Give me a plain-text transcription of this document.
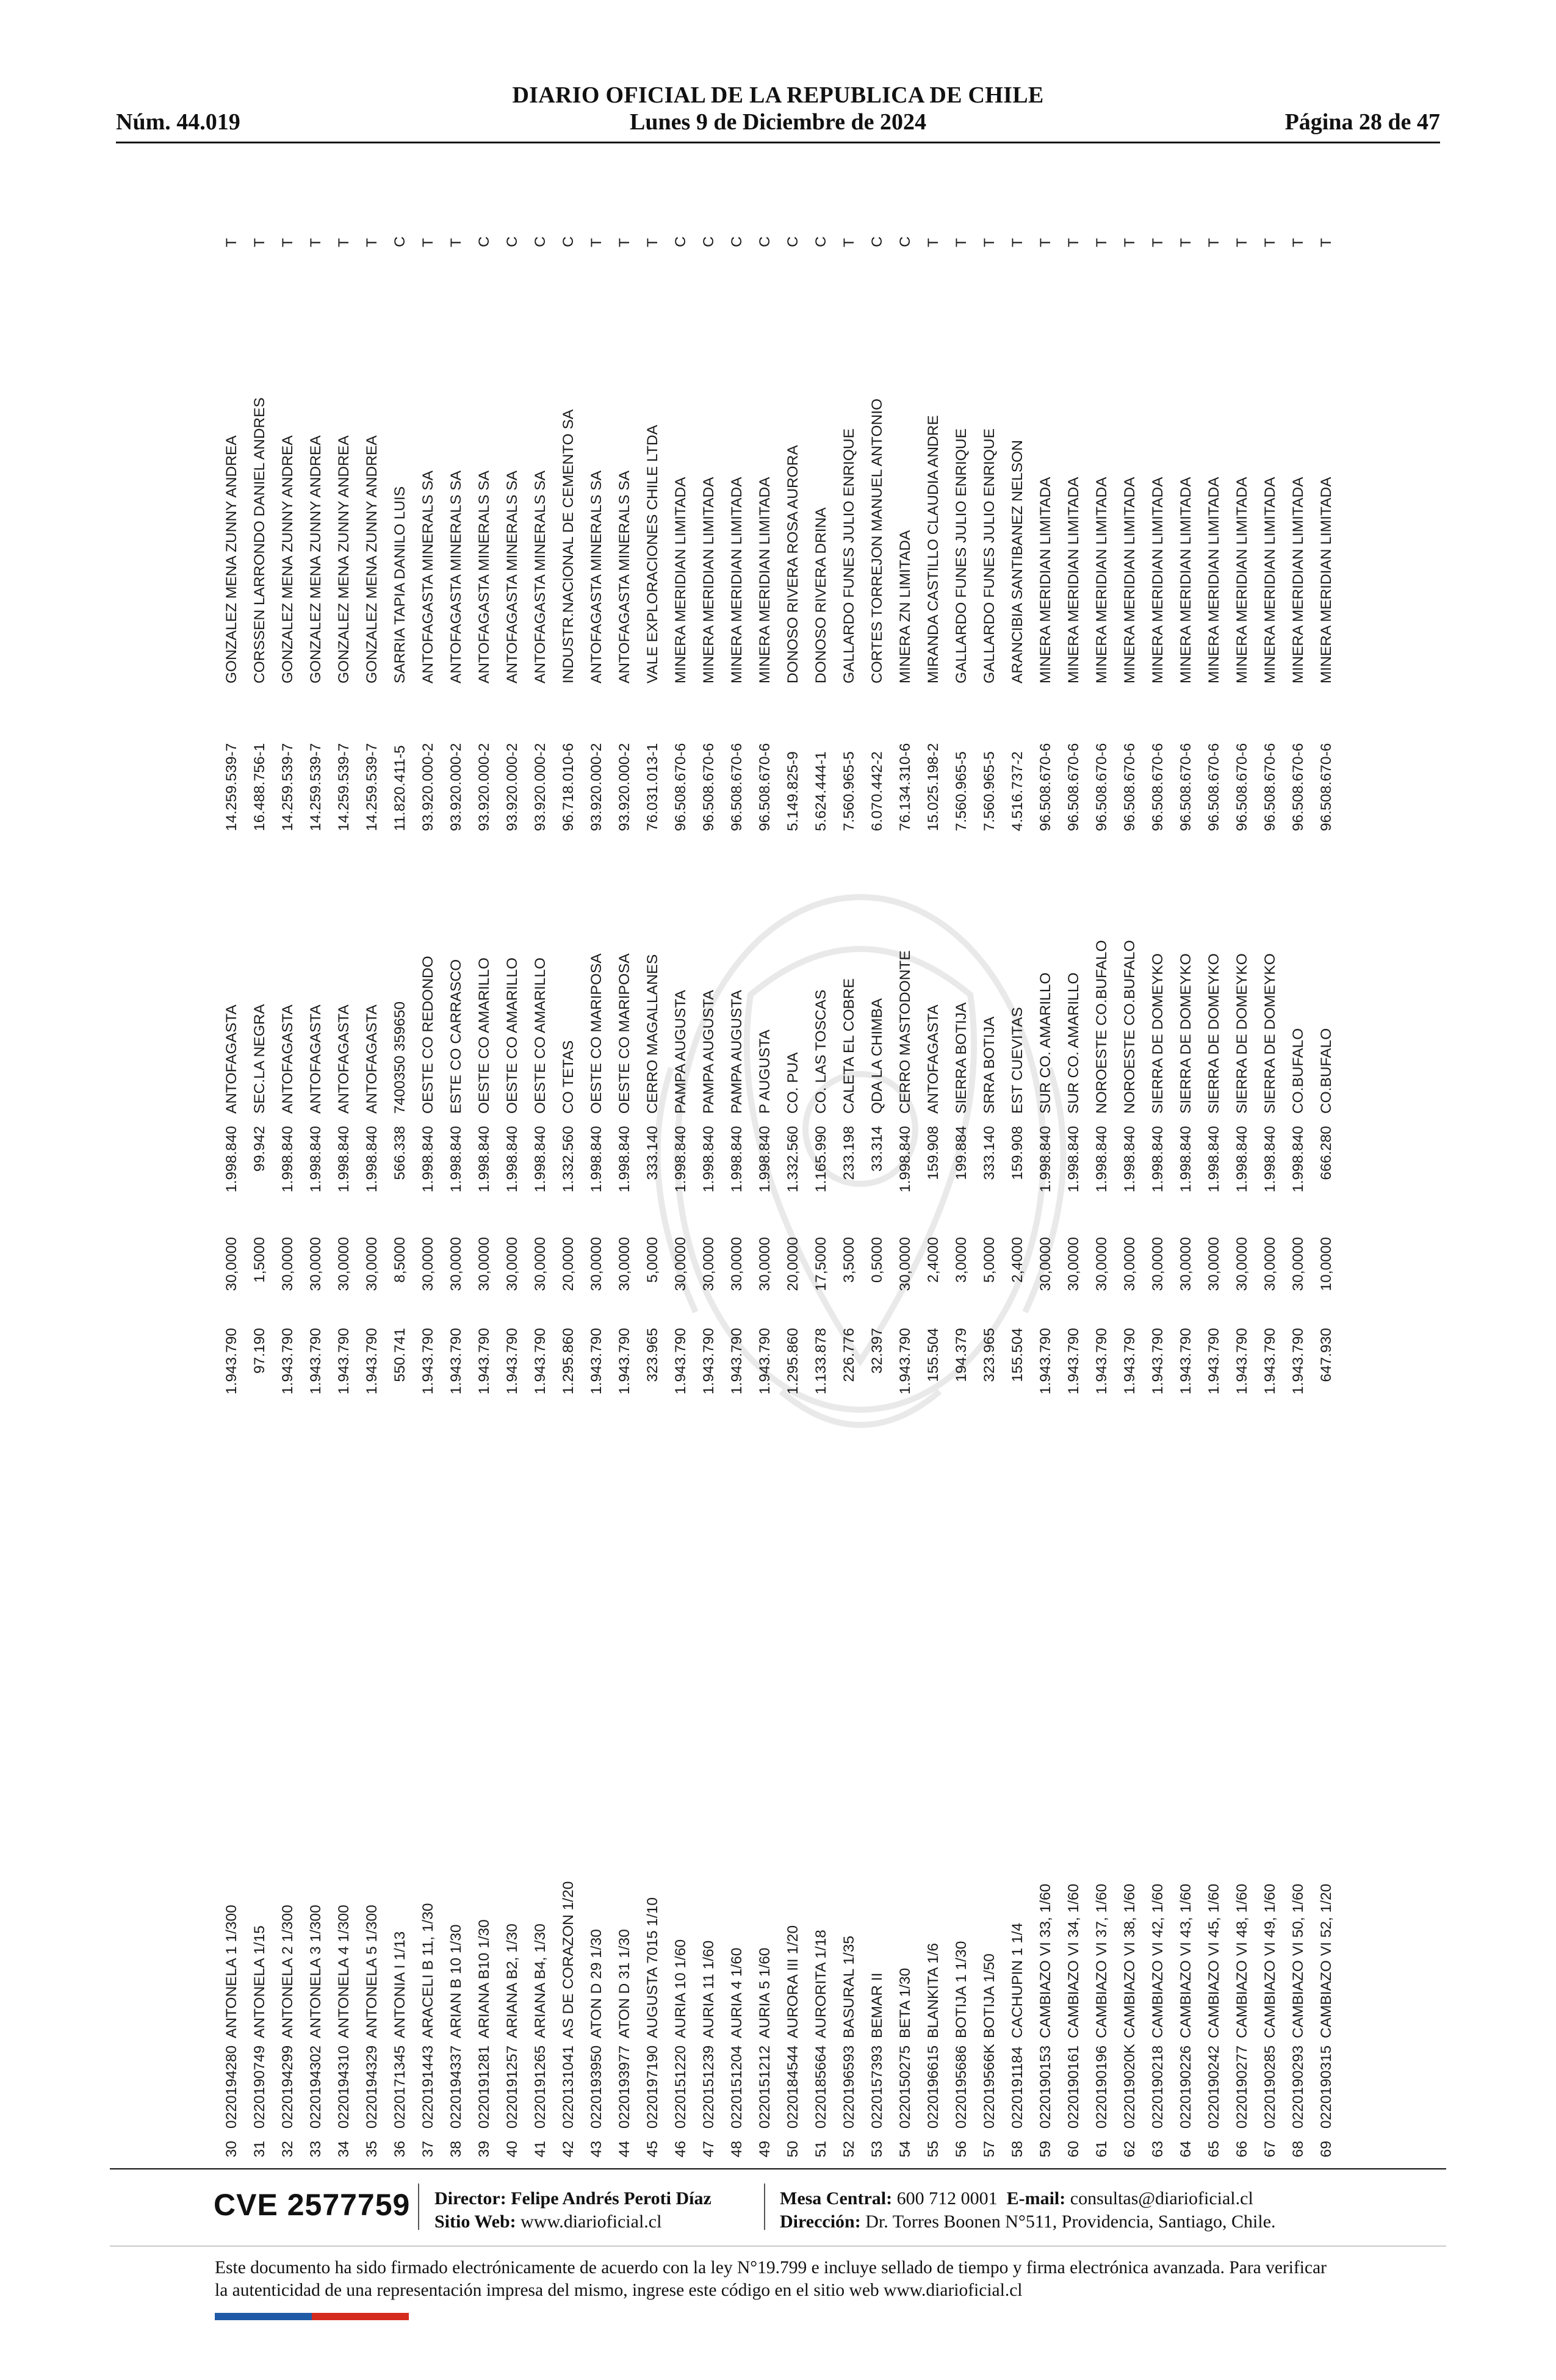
DIARIO OFICIAL DE LA REPUBLICA DE CHILE
Núm. 44.019	Lunes 9 de Diciembre de 2024	Página 28 de 47
30
0220194280
ANTONELA 1 1/300
1.943.790
30,0000
1.998.840
ANTOFAGASTA
14.259.539-7
GONZALEZ MENA ZUNNY ANDREA
T
31
0220190749
ANTONELA 1/15
97.190
1,5000
99.942
SEC.LA NEGRA
16.488.756-1
CORSSEN LARRONDO DANIEL ANDRES
T
32
0220194299
ANTONELA 2 1/300
1.943.790
30,0000
1.998.840
ANTOFAGASTA
14.259.539-7
GONZALEZ MENA ZUNNY ANDREA
T
33
0220194302
ANTONELA 3 1/300
1.943.790
30,0000
1.998.840
ANTOFAGASTA
14.259.539-7
GONZALEZ MENA ZUNNY ANDREA
T
34
0220194310
ANTONELA 4 1/300
1.943.790
30,0000
1.998.840
ANTOFAGASTA
14.259.539-7
GONZALEZ MENA ZUNNY ANDREA
T
35
0220194329
ANTONELA 5 1/300
1.943.790
30,0000
1.998.840
ANTOFAGASTA
14.259.539-7
GONZALEZ MENA ZUNNY ANDREA
T
36
0220171345
ANTONIA I 1/13
550.741
8,5000
566.338
7400350 359650
11.820.411-5
SARRIA TAPIA DANILO LUIS
C
37
0220191443
ARACELI B 11, 1/30
1.943.790
30,0000
1.998.840
OESTE CO REDONDO
93.920.000-2
ANTOFAGASTA MINERALS SA
T
38
0220194337
ARIAN B 10 1/30
1.943.790
30,0000
1.998.840
ESTE CO CARRASCO
93.920.000-2
ANTOFAGASTA MINERALS SA
T
39
0220191281
ARIANA B10 1/30
1.943.790
30,0000
1.998.840
OESTE CO AMARILLO
93.920.000-2
ANTOFAGASTA MINERALS SA
C
40
0220191257
ARIANA B2, 1/30
1.943.790
30,0000
1.998.840
OESTE CO AMARILLO
93.920.000-2
ANTOFAGASTA MINERALS SA
C
41
0220191265
ARIANA B4, 1/30
1.943.790
30,0000
1.998.840
OESTE CO AMARILLO
93.920.000-2
ANTOFAGASTA MINERALS SA
C
42
0220131041
AS DE CORAZON 1/20
1.295.860
20,0000
1.332.560
CO TETAS
96.718.010-6
INDUSTR.NACIONAL DE CEMENTO SA
C
43
0220193950
ATON D 29 1/30
1.943.790
30,0000
1.998.840
OESTE CO MARIPOSA
93.920.000-2
ANTOFAGASTA MINERALS SA
T
44
0220193977
ATON D 31 1/30
1.943.790
30,0000
1.998.840
OESTE CO MARIPOSA
93.920.000-2
ANTOFAGASTA MINERALS SA
T
45
0220197190
AUGUSTA 7015 1/10
323.965
5,0000
333.140
CERRO MAGALLANES
76.031.013-1
VALE EXPLORACIONES CHILE LTDA
T
46
0220151220
AURIA 10 1/60
1.943.790
30,0000
1.998.840
PAMPA AUGUSTA
96.508.670-6
MINERA MERIDIAN LIMITADA
C
47
0220151239
AURIA 11 1/60
1.943.790
30,0000
1.998.840
PAMPA AUGUSTA
96.508.670-6
MINERA MERIDIAN LIMITADA
C
48
0220151204
AURIA 4 1/60
1.943.790
30,0000
1.998.840
PAMPA AUGUSTA
96.508.670-6
MINERA MERIDIAN LIMITADA
C
49
0220151212
AURIA 5 1/60
1.943.790
30,0000
1.998.840
P AUGUSTA
96.508.670-6
MINERA MERIDIAN LIMITADA
C
50
0220184544
AURORA III 1/20
1.295.860
20,0000
1.332.560
CO. PUA
5.149.825-9
DONOSO RIVERA ROSA AURORA
C
51
0220185664
AURORITA 1/18
1.133.878
17,5000
1.165.990
CO. LAS TOSCAS
5.624.444-1
DONOSO RIVERA DRINA
C
52
0220196593
BASURAL 1/35
226.776
3,5000
233.198
CALETA EL COBRE
7.560.965-5
GALLARDO FUNES JULIO ENRIQUE
T
53
0220157393
BEMAR II
32.397
0,5000
33.314
QDA LA CHIMBA
6.070.442-2
CORTES TORREJON MANUEL ANTONIO
C
54
0220150275
BETA 1/30
1.943.790
30,0000
1.998.840
CERRO MASTODONTE
76.134.310-6
MINERA ZN LIMITADA
C
55
0220196615
BLANKITA 1/6
155.504
2,4000
159.908
ANTOFAGASTA
15.025.198-2
MIRANDA CASTILLO CLAUDIA ANDRE
T
56
0220195686
BOTIJA 1 1/30
194.379
3,0000
199.884
SIERRA BOTIJA
7.560.965-5
GALLARDO FUNES JULIO ENRIQUE
T
57
022019566K
BOTIJA 1/50
323.965
5,0000
333.140
SRRA BOTIJA
7.560.965-5
GALLARDO FUNES JULIO ENRIQUE
T
58
0220191184
CACHUPIN 1 1/4
155.504
2,4000
159.908
EST CUEVITAS
4.516.737-2
ARANCIBIA SANTIBANEZ NELSON
T
59
0220190153
CAMBIAZO VI 33, 1/60
1.943.790
30,0000
1.998.840
SUR CO. AMARILLO
96.508.670-6
MINERA MERIDIAN LIMITADA
T
60
0220190161
CAMBIAZO VI 34, 1/60
1.943.790
30,0000
1.998.840
SUR CO. AMARILLO
96.508.670-6
MINERA MERIDIAN LIMITADA
T
61
0220190196
CAMBIAZO VI 37, 1/60
1.943.790
30,0000
1.998.840
NOROESTE CO.BUFALO
96.508.670-6
MINERA MERIDIAN LIMITADA
T
62
022019020K
CAMBIAZO VI 38, 1/60
1.943.790
30,0000
1.998.840
NOROESTE CO.BUFALO
96.508.670-6
MINERA MERIDIAN LIMITADA
T
63
0220190218
CAMBIAZO VI 42, 1/60
1.943.790
30,0000
1.998.840
SIERRA DE DOMEYKO
96.508.670-6
MINERA MERIDIAN LIMITADA
T
64
0220190226
CAMBIAZO VI 43, 1/60
1.943.790
30,0000
1.998.840
SIERRA DE DOMEYKO
96.508.670-6
MINERA MERIDIAN LIMITADA
T
65
0220190242
CAMBIAZO VI 45, 1/60
1.943.790
30,0000
1.998.840
SIERRA DE DOMEYKO
96.508.670-6
MINERA MERIDIAN LIMITADA
T
66
0220190277
CAMBIAZO VI 48, 1/60
1.943.790
30,0000
1.998.840
SIERRA DE DOMEYKO
96.508.670-6
MINERA MERIDIAN LIMITADA
T
67
0220190285
CAMBIAZO VI 49, 1/60
1.943.790
30,0000
1.998.840
SIERRA DE DOMEYKO
96.508.670-6
MINERA MERIDIAN LIMITADA
T
68
0220190293
CAMBIAZO VI 50, 1/60
1.943.790
30,0000
1.998.840
CO.BUFALO
96.508.670-6
MINERA MERIDIAN LIMITADA
T
69
0220190315
CAMBIAZO VI 52, 1/20
647.930
10,0000
666.280
CO.BUFALO
96.508.670-6
MINERA MERIDIAN LIMITADA
T
CVE 2577759 Director: Felipe Andrés Peroti Díaz
Sitio Web: www.diarioficial.cl
Mesa Central: 600 712 0001 E-mail: consultas@diarioficial.cl
Dirección: Dr. Torres Boonen N°511, Providencia, Santiago, Chile.
Este documento ha sido firmado electrónicamente de acuerdo con la ley N°19.799 e incluye sellado de tiempo y firma electrónica avanzada. Para verificar la autenticidad de una representación impresa del mismo, ingrese este código en el sitio web www.diarioficial.cl
